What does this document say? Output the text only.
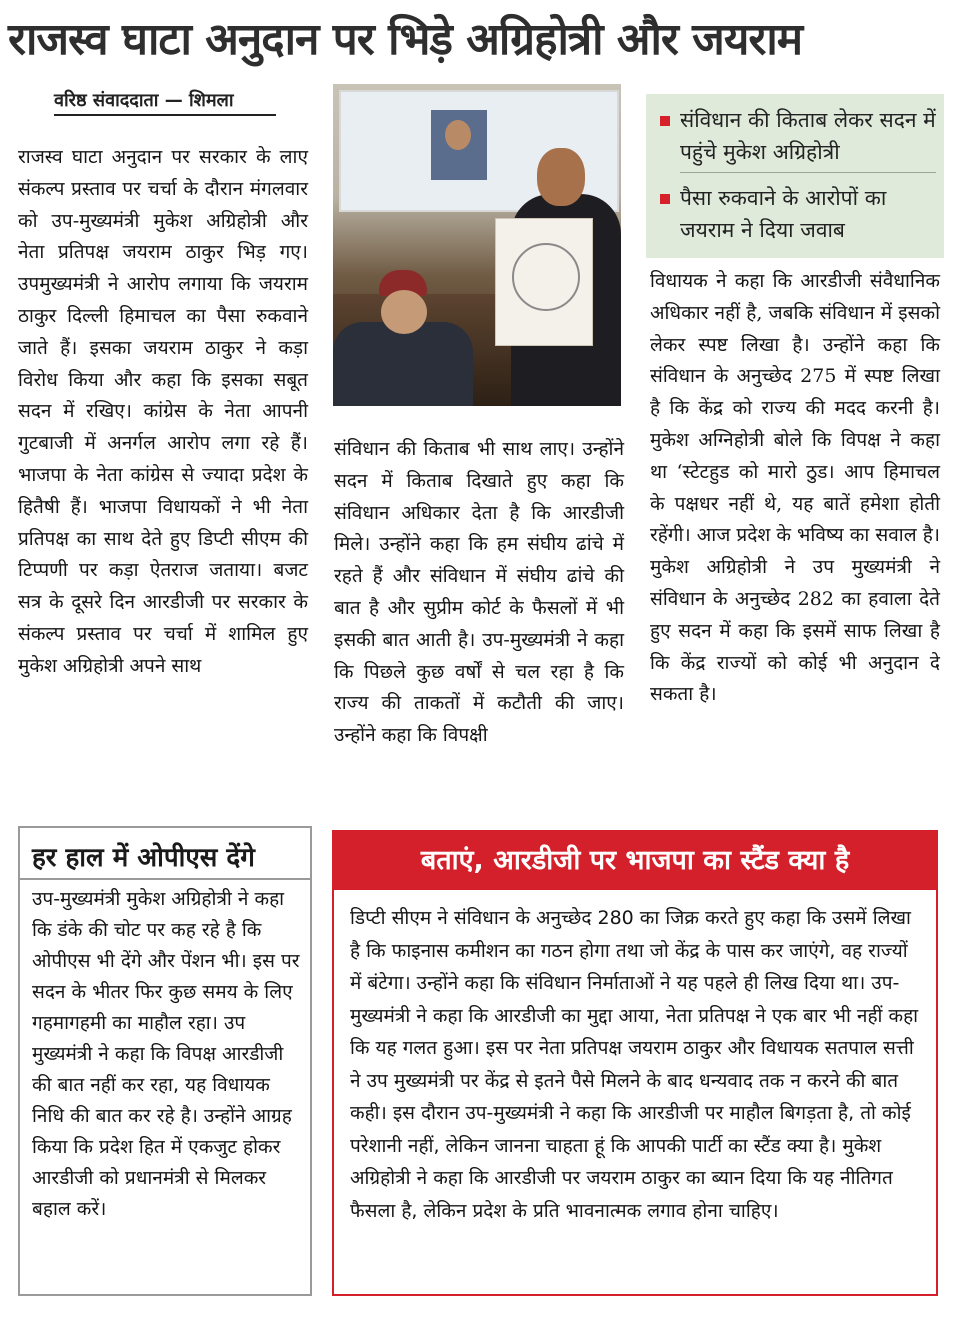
राजस्व घाटा अनुदान पर भिड़े अग्रिहोत्री और जयराम
वरिष्ठ संवाददाता — शिमला
राजस्व घाटा अनुदान पर सरकार के लाए संकल्प प्रस्ताव पर चर्चा के दौरान मंगलवार को उप-मुख्यमंत्री मुकेश अग्रिहोत्री और नेता प्रतिपक्ष जयराम ठाकुर भिड़ गए। उपमुख्यमंत्री ने आरोप लगाया कि जयराम ठाकुर दिल्ली हिमाचल का पैसा रुकवाने जाते हैं। इसका जयराम ठाकुर ने कड़ा विरोध किया और कहा कि इसका सबूत सदन में रखिए। कांग्रेस के नेता आपनी गुटबाजी में अनर्गल आरोप लगा रहे हैं। भाजपा के नेता कांग्रेस से ज्यादा प्रदेश के हितैषी हैं। भाजपा विधायकों ने भी नेता प्रतिपक्ष का साथ देते हुए डिप्टी सीएम की टिप्पणी पर कड़ा ऐतराज जताया। बजट सत्र के दूसरे दिन आरडीजी पर सरकार के संकल्प प्रस्ताव पर चर्चा में शामिल हुए मुकेश अग्रिहोत्री अपने साथ
संविधान की किताब लेकर सदन में पहुंचे मुकेश अग्रिहोत्री
पैसा रुकवाने के आरोपों का जयराम ने दिया जवाब
संविधान की किताब भी साथ लाए। उन्होंने सदन में किताब दिखाते हुए कहा कि संविधान अधिकार देता है कि आरडीजी मिले। उन्होंने कहा कि हम संघीय ढांचे में रहते हैं और संविधान में संघीय ढांचे की बात है और सुप्रीम कोर्ट के फैसलों में भी इसकी बात आती है। उप-मुख्यमंत्री ने कहा कि पिछले कुछ वर्षों से चल रहा है कि राज्य की ताकतों में कटौती की जाए। उन्होंने कहा कि विपक्षी
विधायक ने कहा कि आरडीजी संवैधानिक अधिकार नहीं है, जबकि संविधान में इसको लेकर स्पष्ट लिखा है। उन्होंने कहा कि संविधान के अनुच्छेद 275 में स्पष्ट लिखा है कि केंद्र को राज्य की मदद करनी है। मुकेश अग्निहोत्री बोले कि विपक्ष ने कहा था ‘स्टेटहुड को मारो ठुड। आप हिमाचल के पक्षधर नहीं थे, यह बातें हमेशा होती रहेंगी। आज प्रदेश के भविष्य का सवाल है। मुकेश अग्रिहोत्री ने उप मुख्यमंत्री ने संविधान के अनुच्छेद 282 का हवाला देते हुए सदन में कहा कि इसमें साफ लिखा है कि केंद्र राज्यों को कोई भी अनुदान दे सकता है।
हर हाल में ओपीएस देंगे
उप-मुख्यमंत्री मुकेश अग्रिहोत्री ने कहा कि डंके की चोट पर कह रहे है कि ओपीएस भी देंगे और पेंशन भी। इस पर सदन के भीतर फिर कुछ समय के लिए गहमागहमी का माहौल रहा। उप मुख्यमंत्री ने कहा कि विपक्ष आरडीजी की बात नहीं कर रहा, यह विधायक निधि की बात कर रहे है। उन्होंने आग्रह किया कि प्रदेश हित में एकजुट होकर आरडीजी को प्रधानमंत्री से मिलकर बहाल करें।
बताएं, आरडीजी पर भाजपा का स्टैंड क्या है
डिप्टी सीएम ने संविधान के अनुच्छेद 280 का जिक्र करते हुए कहा कि उसमें लिखा है कि फाइनास कमीशन का गठन होगा तथा जो केंद्र के पास कर जाएंगे, वह राज्यों में बंटेगा। उन्होंने कहा कि संविधान निर्माताओं ने यह पहले ही लिख दिया था। उप-मुख्यमंत्री ने कहा कि आरडीजी का मुद्दा आया, नेता प्रतिपक्ष ने एक बार भी नहीं कहा कि यह गलत हुआ। इस पर नेता प्रतिपक्ष जयराम ठाकुर और विधायक सतपाल सत्ती ने उप मुख्यमंत्री पर केंद्र से इतने पैसे मिलने के बाद धन्यवाद तक न करने की बात कही। इस दौरान उप-मुख्यमंत्री ने कहा कि आरडीजी पर माहौल बिगड़ता है, तो कोई परेशानी नहीं, लेकिन जानना चाहता हूं कि आपकी पार्टी का स्टैंड क्या है। मुकेश अग्रिहोत्री ने कहा कि आरडीजी पर जयराम ठाकुर का ब्यान दिया कि यह नीतिगत फैसला है, लेकिन प्रदेश के प्रति भावनात्मक लगाव होना चाहिए।
